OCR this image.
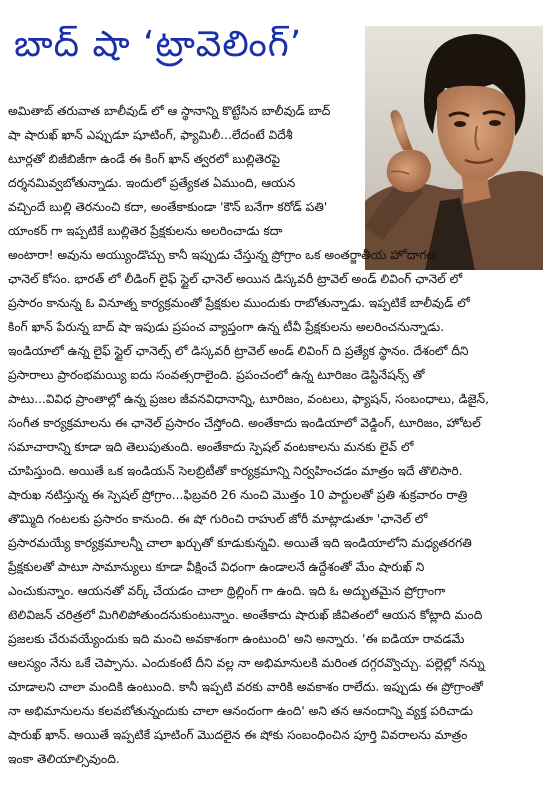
బాద్ షా ‘ట్రావెలింగ్’
అమితాబ్ తరువాత బాలీవుడ్ లో ఆ స్థానాన్ని కొట్టేసిన బాలీవుడ్ బాద్
షా షారుఖ్ ఖాన్ ఎప్పుడూ షూటింగ్, ఫ్యామిలీ...లేదంటే విదేశీ
టూర్లతో బిజీబిజీగా ఉండే ఈ కింగ్ ఖాన్ త్వరలో బుల్లితెరపై
దర్శనమివ్వబోతున్నాడు. ఇందులో ప్రత్యేకత ఏముంది, ఆయన
వచ్చిందే బుల్లి తెరనుంచి కదా, అంతేకాకుండా 'కౌన్ బనేగా కరోడ్ పతి'
యాంకర్ గా ఇప్పటికే బుల్లితెర ప్రేక్షకులను అలరించాడు కదా
అంటారా! అవును అయ్యుండొచ్చు కానీ ఇప్పుడు చేస్తున్న ప్రోగ్రాం ఒక అంతర్జాతీయ హోదాగల
ఛానెల్ కోసం. భారత్ లో లీడింగ్ లైఫ్ స్టైల్ ఛానెల్ అయిన డిస్కవరీ ట్రావెల్ అండ్ లివింగ్ ఛానెల్ లో
ప్రసారం కానున్న ఓ వినూత్న కార్యక్రమంతో ప్రేక్షకుల ముందుకు రాబోతున్నాడు. ఇప్పటికే బాలీవుడ్ లో
కింగ్ ఖాన్ పేరున్న బాద్ షా ఇపుడు ప్రపంచ వ్యాప్తంగా ఉన్న టీవీ ప్రేక్షకులను అలరించనున్నాడు.
ఇండియాలో ఉన్న లైఫ్ స్టైల్ ఛానెల్స్ లో డిస్కవరీ ట్రావెల్ అండ్ లివింగ్ ది ప్రత్యేక స్థానం. దేశంలో దీని
ప్రసారాలు ప్రారంభమయ్యి ఐదు సంవత్సరాలైంది. ప్రపంచంలో ఉన్న టూరిజం డెస్టినేషన్స్ తో
పాటు...వివిధ ప్రాంతాల్లో ఉన్న ప్రజల జీవనవిధానాన్ని, టూరిజం, వంటలు, ఫ్యాషన్, సంబంధాలు, డిజైన్,
సంగీత కార్యక్రమాలను ఈ ఛానెల్ ప్రసారం చేస్తోంది. అంతేకాదు ఇండియాలో వెడ్డింగ్, టూరిజం, హోటల్
సమాచారాన్ని కూడా ఇది తెలుపుతుంది. అంతేకాదు స్పెషల్ వంటకాలను మనకు లైవ్ లో
చూపిస్తుంది. అయితే ఒక ఇండియన్ సెలబ్రిటీతో కార్యక్రమాన్ని నిర్వహించడం మాత్రం ఇదే తొలిసారి.
షారుఖ నటిస్తున్న ఈ స్పెషల్ ప్రోగ్రాం...ఫిబ్రవరి 26 నుంచి మొత్తం 10 పార్టులతో ప్రతి శుక్రవారం రాత్రి
తొమ్మిది గంటలకు ప్రసారం కానుంది. ఈ షో గురించి రాహుల్ జోరీ మాట్లాడుతూ 'ఛానెల్ లో
ప్రసారమయ్యే కార్యక్రమాలన్నీ చాలా ఖర్చుతో కూడుకున్నవి. అయితే ఇది ఇండియాలోని మధ్యతరగతి
ప్రేక్షకులతో పాటూ సామాన్యులు కూడా వీక్షించే విధంగా ఉండాలనే ఉద్దేశంతో మేం షారుఖ్ ని
ఎంచుకున్నాం. ఆయనతో వర్క్ చేయడం చాలా థ్రిల్లింగ్ గా ఉంది. ఇది ఓ అద్భుతమైన ప్రోగ్రాంగా
టెలివిజన్ చరిత్రలో మిగిలిపోతుందనుకుంటున్నాం. అంతేకాదు షారుఖ్ జీవితంలో ఆయన కోట్లాది మంది
ప్రజలకు చేరువయ్యేందుకు ఇది మంచి అవకాశంగా ఉంటుంది' అని అన్నారు. 'ఈ ఐడియా రావడమే
ఆలస్యం నేను ఒకే చెప్పాను. ఎందుకంటే దీని వల్ల నా అభిమానులకి మరింత దగ్గరవ్వొచ్చు. పల్లెల్లో నన్ను
చూడాలని చాలా మందికి ఉంటుంది. కానీ ఇప్పటి వరకు వారికి అవకాశం రాలేదు. ఇప్పుడు ఈ ప్రోగ్రాంతో
నా అభిమానులను కలవబోతున్నందుకు చాలా ఆనందంగా ఉంది' అని తన ఆనందాన్ని వ్యక్త పరిచాడు
షారుఖ్ ఖాన్. అయితే ఇప్పటికే షూటింగ్ మొదలైన ఈ షోకు సంబంధించిన పూర్తి వివరాలను మాత్రం
ఇంకా తెలియాల్సివుంది.
